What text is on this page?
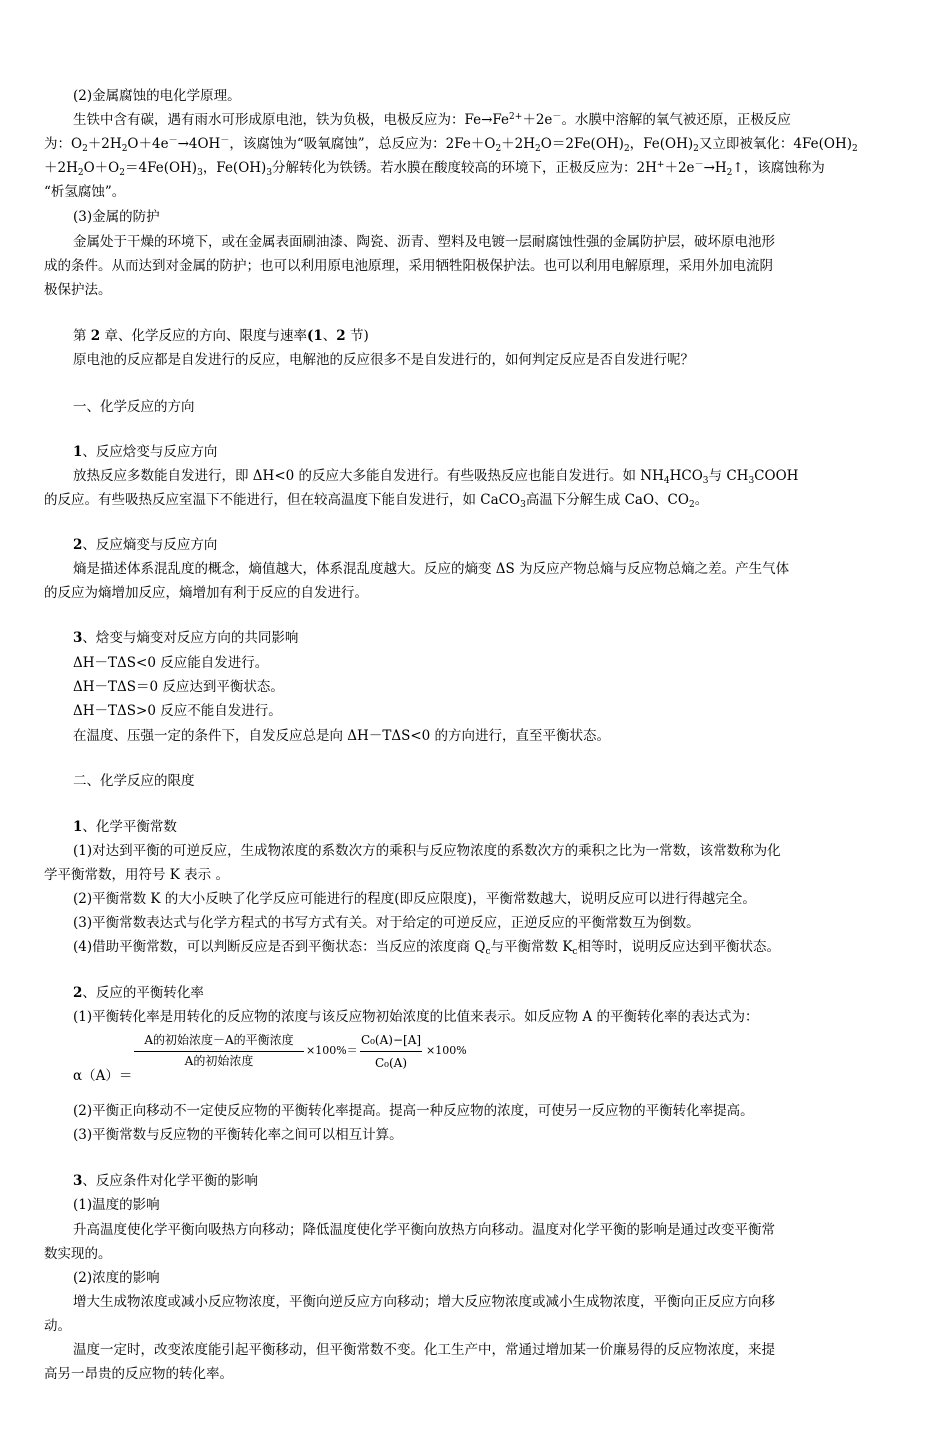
(2)金属腐蚀的电化学原理。
生铁中含有碳，遇有雨水可形成原电池，铁为负极，电极反应为：$Fe\to Fe^{2+}+2e^-$。水膜中溶解的氧气被还原，正极反应
为：$O_2+2H_2O+4e^-\to 4OH^-$，该腐蚀为“吸氧腐蚀”，总反应为：$2Fe+O_2+2H_2O=2Fe(OH)_2$，$Fe(OH)_2$又立即被氧化：$4Fe(OH)_2$
$+2H_2O+O_2=4Fe(OH)_3$，$Fe(OH)_3$分解转化为铁锈。若水膜在酸度较高的环境下，正极反应为：$2H^++2e^-\to H_2↑$，该腐蚀称为
“析氢腐蚀”。
(3)金属的防护
金属处于干燥的环境下，或在金属表面刷油漆、陶瓷、沥青、塑料及电镀一层耐腐蚀性强的金属防护层，破坏原电池形
成的条件。从而达到对金属的防护；也可以利用原电池原理，采用牺牲阳极保护法。也可以利用电解原理，采用外加电流阴
极保护法。
第 2 章、化学反应的方向、限度与速率(1、2 节)
原电池的反应都是自发进行的反应，电解池的反应很多不是自发进行的，如何判定反应是否自发进行呢？
一、化学反应的方向
1、反应焓变与反应方向
放热反应多数能自发进行，即 ΔH<0 的反应大多能自发进行。有些吸热反应也能自发进行。如 $NH_4HCO_3$与 $CH_3COOH$
的反应。有些吸热反应室温下不能进行，但在较高温度下能自发进行，如 CaCO$_3$高温下分解生成 CaO、$CO_2$。
2、反应熵变与反应方向
熵是描述体系混乱度的概念，熵值越大，体系混乱度越大。反应的熵变 ΔS 为反应产物总熵与反应物总熵之差。产生气体
的反应为熵增加反应，熵增加有利于反应的自发进行。
3、焓变与熵变对反应方向的共同影响
ΔH－TΔS<0 反应能自发进行。
ΔH－TΔS＝0 反应达到平衡状态。
ΔH－TΔS>0 反应不能自发进行。
在温度、压强一定的条件下，自发反应总是向 ΔH－TΔS<0 的方向进行，直至平衡状态。
二、化学反应的限度
1、化学平衡常数
(1)对达到平衡的可逆反应，生成物浓度的系数次方的乘积与反应物浓度的系数次方的乘积之比为一常数，该常数称为化
学平衡常数，用符号 K 表示 。
(2)平衡常数 K 的大小反映了化学反应可能进行的程度(即反应限度)，平衡常数越大，说明反应可以进行得越完全。
(3)平衡常数表达式与化学方程式的书写方式有关。对于给定的可逆反应，正逆反应的平衡常数互为倒数。
(4)借助平衡常数，可以判断反应是否到平衡状态：当反应的浓度商 $Q_c$与平衡常数 $K_c$相等时，说明反应达到平衡状态。
2、反应的平衡转化率
(1)平衡转化率是用转化的反应物的浓度与该反应物初始浓度的比值来表示。如反应物 A 的平衡转化率的表达式为：
A的初始浓度－A的平衡浓度
A的初始浓度
×100%＝
C₀(A)−[A]
C₀(A)
×100%
α（A）＝
(2)平衡正向移动不一定使反应物的平衡转化率提高。提高一种反应物的浓度，可使另一反应物的平衡转化率提高。
(3)平衡常数与反应物的平衡转化率之间可以相互计算。
3、反应条件对化学平衡的影响
(1)温度的影响
升高温度使化学平衡向吸热方向移动；降低温度使化学平衡向放热方向移动。温度对化学平衡的影响是通过改变平衡常
数实现的。
(2)浓度的影响
增大生成物浓度或减小反应物浓度，平衡向逆反应方向移动；增大反应物浓度或减小生成物浓度，平衡向正反应方向移
动。
温度一定时，改变浓度能引起平衡移动，但平衡常数不变。化工生产中，常通过增加某一价廉易得的反应物浓度，来提
高另一昂贵的反应物的转化率。
